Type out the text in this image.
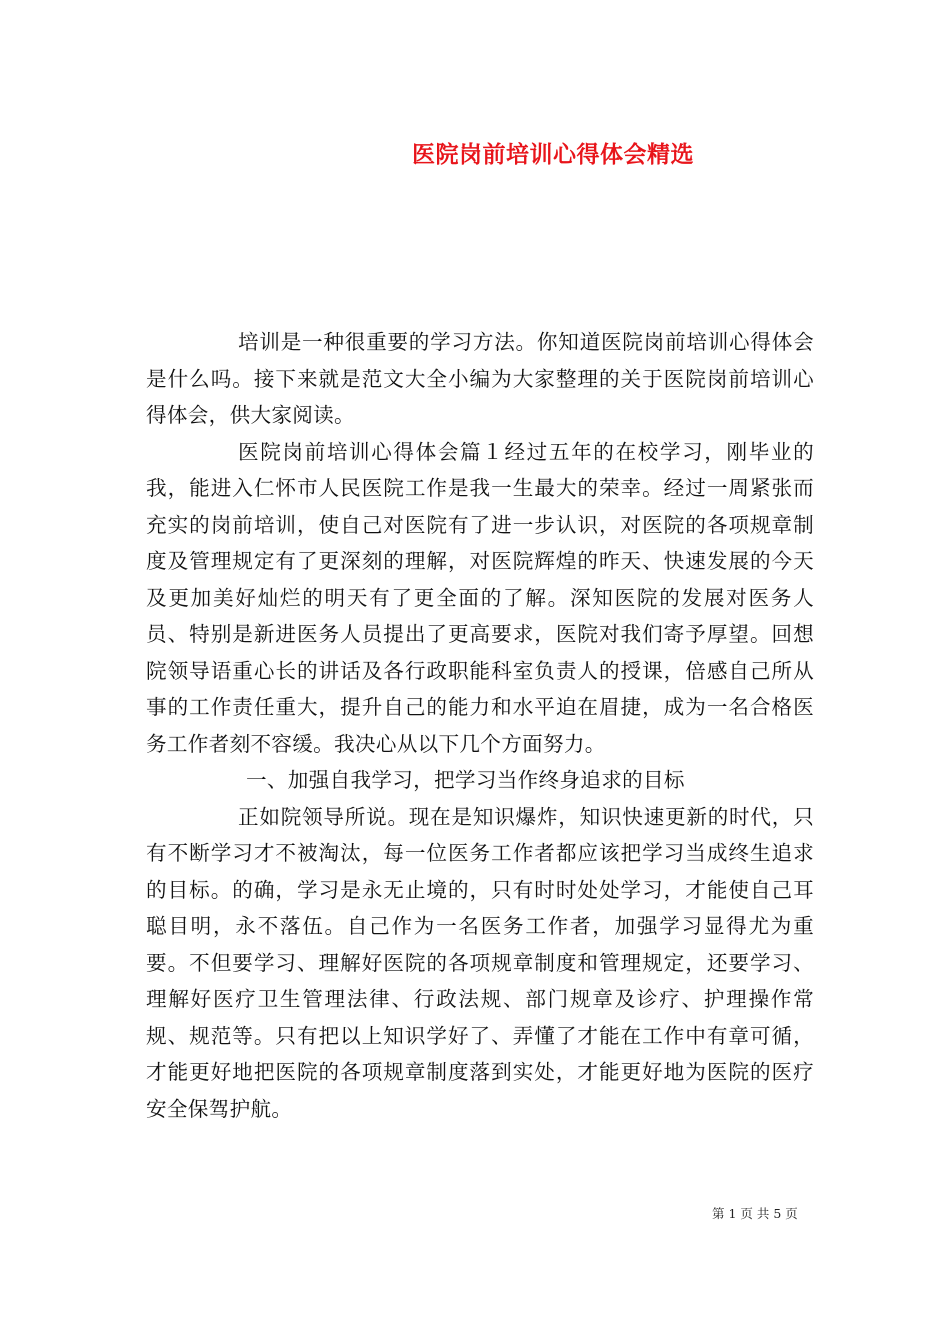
医院岗前培训心得体会精选

培训是一种很重要的学习方法。你知道医院岗前培训心得体会是什么吗。接下来就是范文大全小编为大家整理的关于医院岗前培训心得体会，供大家阅读。

医院岗前培训心得体会篇１经过五年的在校学习，刚毕业的我，能进入仁怀市人民医院工作是我一生最大的荣幸。经过一周紧张而充实的岗前培训，使自己对医院有了进一步认识，对医院的各项规章制度及管理规定有了更深刻的理解，对医院辉煌的昨天、快速发展的今天及更加美好灿烂的明天有了更全面的了解。深知医院的发展对医务人员、特别是新进医务人员提出了更高要求，医院对我们寄予厚望。回想院领导语重心长的讲话及各行政职能科室负责人的授课，倍感自己所从事的工作责任重大，提升自己的能力和水平迫在眉捷，成为一名合格医务工作者刻不容缓。我决心从以下几个方面努力。

一、加强自我学习，把学习当作终身追求的目标

正如院领导所说。现在是知识爆炸，知识快速更新的时代，只有不断学习才不被淘汰，每一位医务工作者都应该把学习当成终生追求的目标。的确，学习是永无止境的，只有时时处处学习，才能使自己耳聪目明，永不落伍。自己作为一名医务工作者，加强学习显得尤为重要。不但要学习、理解好医院的各项规章制度和管理规定，还要学习、理解好医疗卫生管理法律、行政法规、部门规章及诊疗、护理操作常规、规范等。只有把以上知识学好了、弄懂了才能在工作中有章可循，才能更好地把医院的各项规章制度落到实处，才能更好地为医院的医疗安全保驾护航。

第 1 页 共 5 页
